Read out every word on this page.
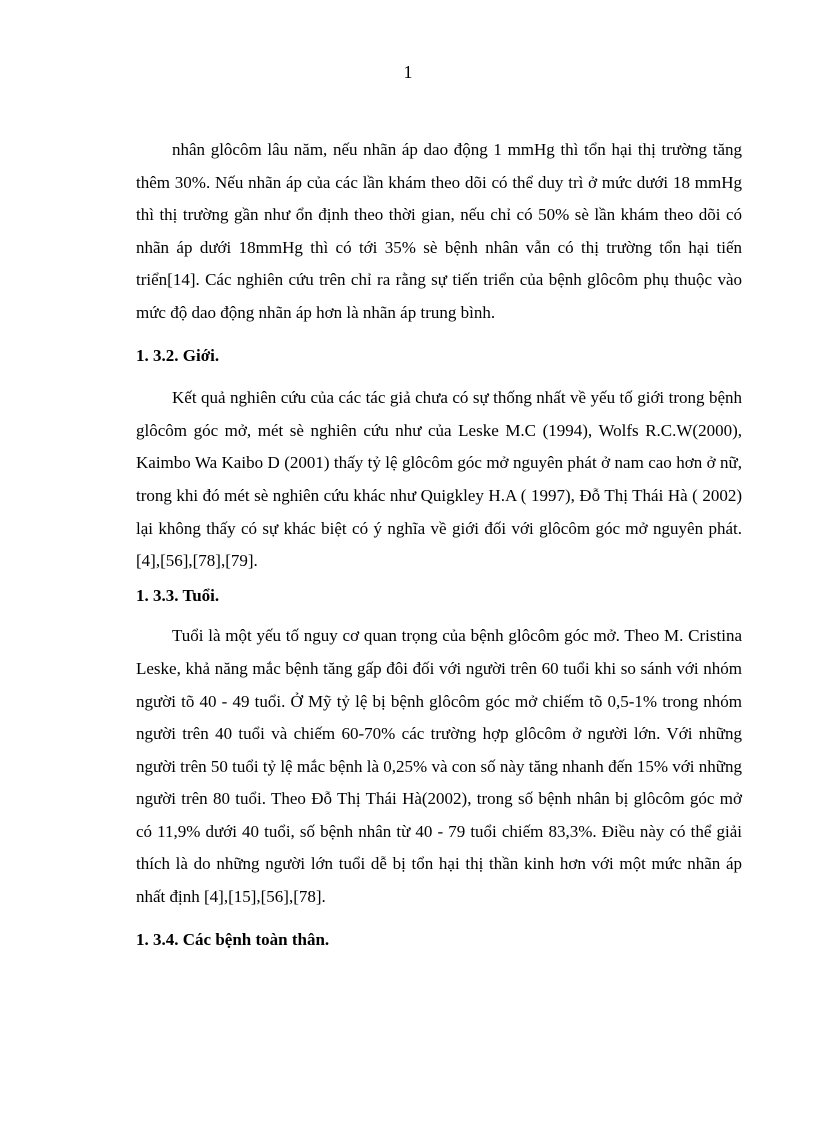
1

nhân glôcôm lâu năm, nếu nhãn áp dao động 1 mmHg thì tổn hại thị trường tăng thêm 30%. Nếu nhãn áp của các lần khám theo dõi có thể duy trì ở mức dưới 18 mmHg thì thị trường gần như ổn định theo thời gian, nếu chỉ có 50% sè lần khám theo dõi có nhãn áp dưới 18mmHg thì có tới 35% sè bệnh nhân vẫn có thị trường tổn hại tiến triển[14]. Các nghiên cứu trên chỉ ra rằng sự tiến triển của bệnh glôcôm phụ thuộc vào mức độ dao động nhãn áp hơn là nhãn áp trung bình.

1. 3.2. Giới.

Kết quả nghiên cứu của các tác giả chưa có sự thống nhất về yếu tố giới trong bệnh glôcôm góc mở, mét sè nghiên cứu như của Leske M.C (1994), Wolfs R.C.W(2000), Kaimbo Wa Kaibo D (2001) thấy tỷ lệ glôcôm góc mở nguyên phát ở nam cao hơn ở nữ, trong khi đó mét sè nghiên cứu khác như Quigkley H.A ( 1997), Đỗ Thị Thái Hà ( 2002) lại không thấy có sự khác biệt có ý nghĩa về giới đối với glôcôm góc mở nguyên phát.[4],[56],[78],[79].

1. 3.3. Tuổi.

Tuổi là một yếu tố nguy cơ quan trọng của bệnh glôcôm góc mở. Theo M. Cristina Leske, khả năng mắc bệnh tăng gấp đôi đối với người trên 60 tuổi khi so sánh với nhóm người tõ 40 - 49 tuổi. Ở Mỹ tỷ lệ bị bệnh glôcôm góc mở chiếm tõ 0,5-1% trong nhóm người trên 40 tuổi và chiếm 60-70% các trường hợp glôcôm ở người lớn. Với những người trên 50 tuổi tỷ lệ mắc bệnh là 0,25% và con số này tăng nhanh đến 15% với những người trên 80 tuổi. Theo Đỗ Thị Thái Hà(2002), trong số bệnh nhân bị glôcôm góc mở có 11,9% dưới 40 tuổi, số bệnh nhân từ 40 - 79 tuổi chiếm 83,3%. Điều này có thể giải thích là do những người lớn tuổi dễ bị tổn hại thị thần kinh hơn với một mức nhãn áp nhất định [4],[15],[56],[78].

1. 3.4. Các bệnh toàn thân.
